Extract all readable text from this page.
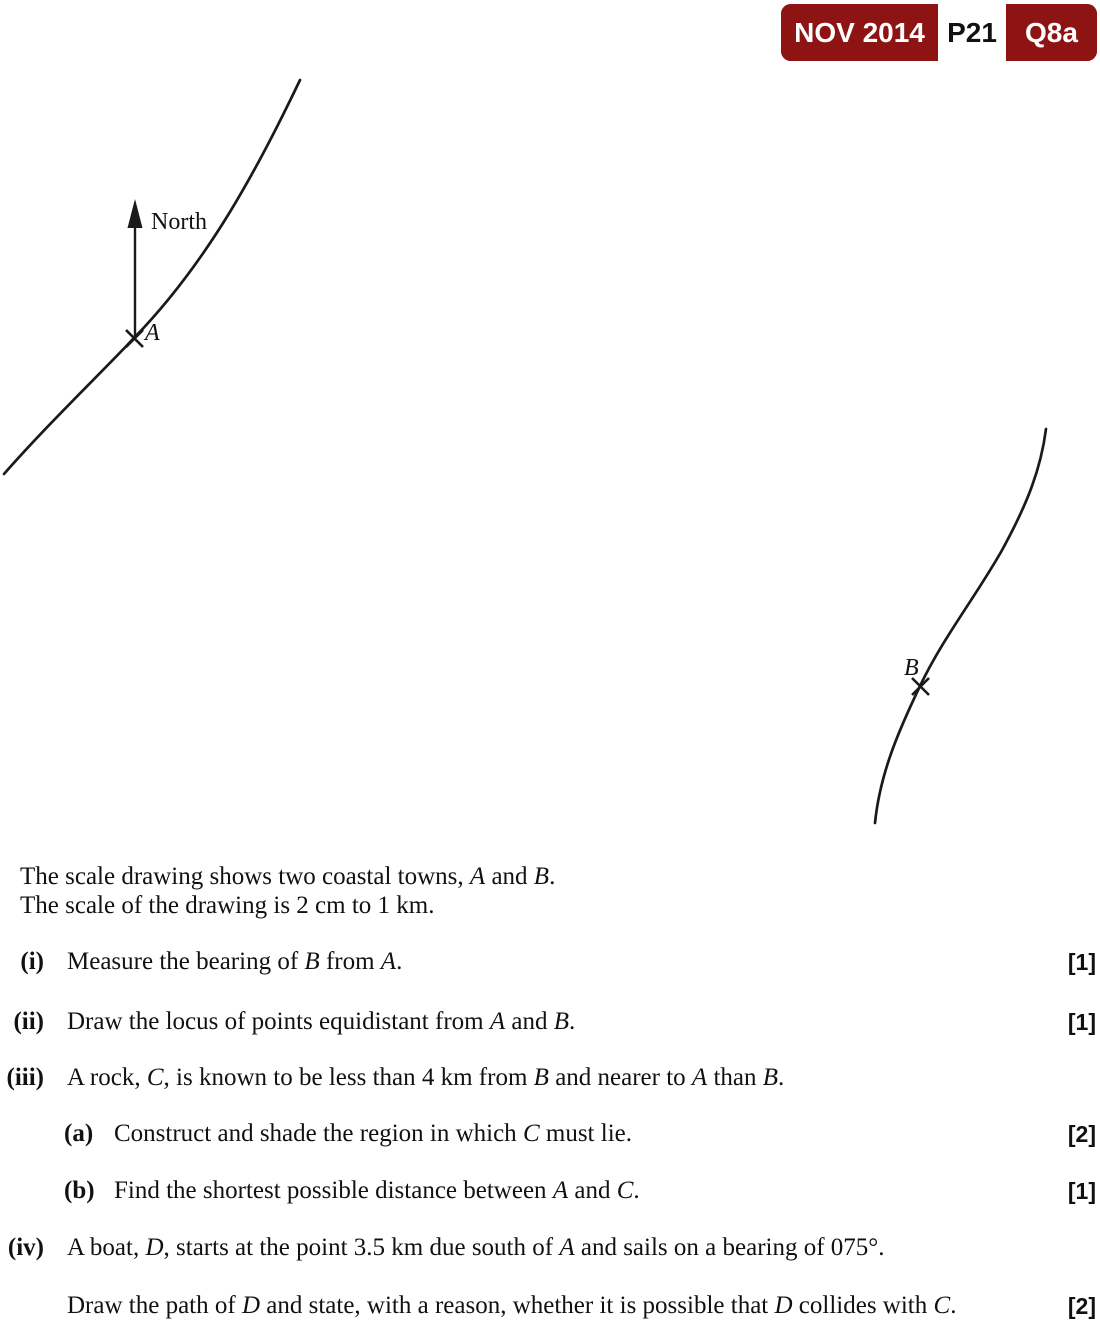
NOV 2014 P21	Q8a
North
A
B
The scale drawing shows two coastal towns, A and B.
The scale of the drawing is 2 cm to 1 km.
(i) Measure the bearing of B from A.	[1]
(ii) Draw the locus of points equidistant from A and B.	[1]
(iii) A rock, C, is known to be less than 4 km from B and nearer to A than B.
(a) Construct and shade the region in which C must lie.	[2]
(b) Find the shortest possible distance between A and C.	[1]
(iv) A boat, D, starts at the point 3.5 km due south of A and sails on a bearing of 075°.
Draw the path of D and state, with a reason, whether it is possible that D collides with C.	[2]
